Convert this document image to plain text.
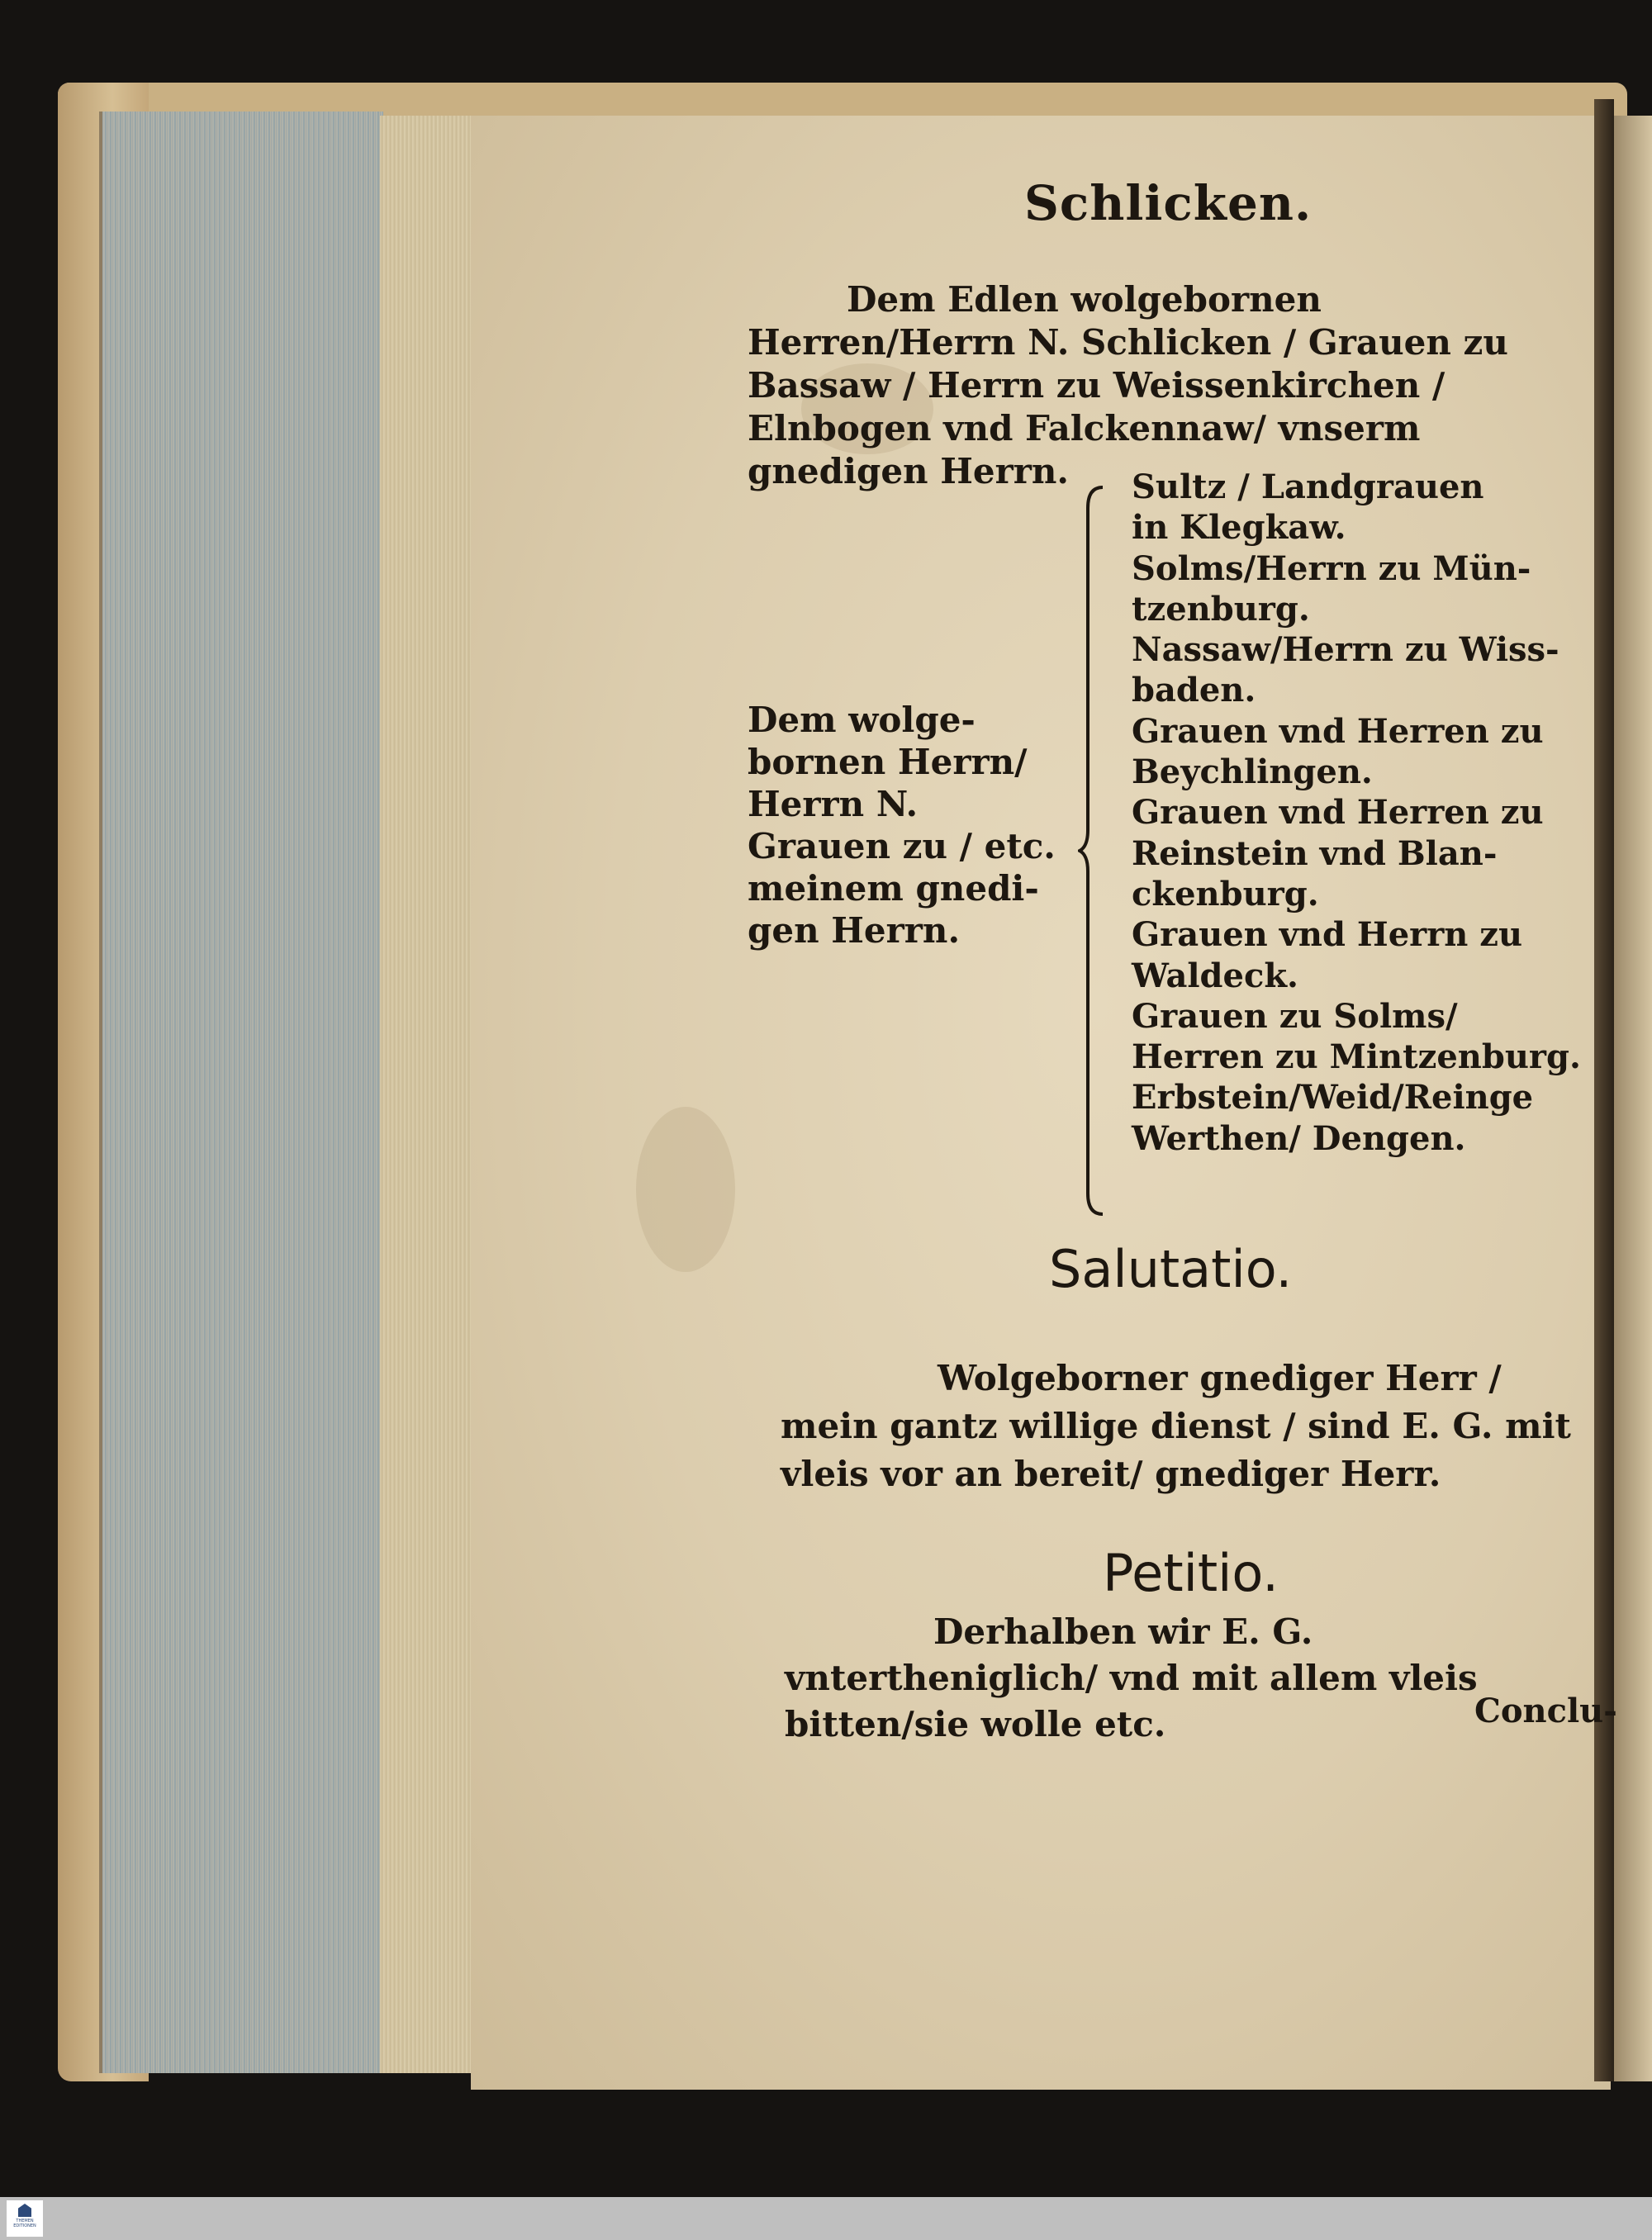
Schlicken.

Dem Edlen wolgebornen Herren/Herrn N. Schlicken / Grauen zu Bassaw / Herrn zu Weissenkirchen / Elnbogen vnd Falckennaw/ vnserm gnedigen Herrn.

Dem wolge-
bornen Herrn/
Herrn N.
Grauen zu / etc.
meinem gnedi-
gen Herrn.
Sultz / Landgrauen
in Klegkaw.
Solms/Herrn zu Mün-
tzenburg.
Nassaw/Herrn zu Wiss-
baden.
Grauen vnd Herren zu
Beychlingen.
Grauen vnd Herren zu
Reinstein vnd Blan-
ckenburg.
Grauen vnd Herrn zu
Waldeck.
Grauen zu Solms/
Herren zu Mintzenburg.
Erbstein/Weid/Reinge
Werthen/ Dengen.
Salutatio.

Wolgeborner gnediger Herr / mein gantz willige dienst / sind E. G. mit vleis vor an bereit/ gnediger Herr.

Petitio.

Derhalben wir E. G. vntertheniglich/ vnd mit allem vleis bitten/sie wolle etc.	Conclu-
THEMEN EDITIONEN
